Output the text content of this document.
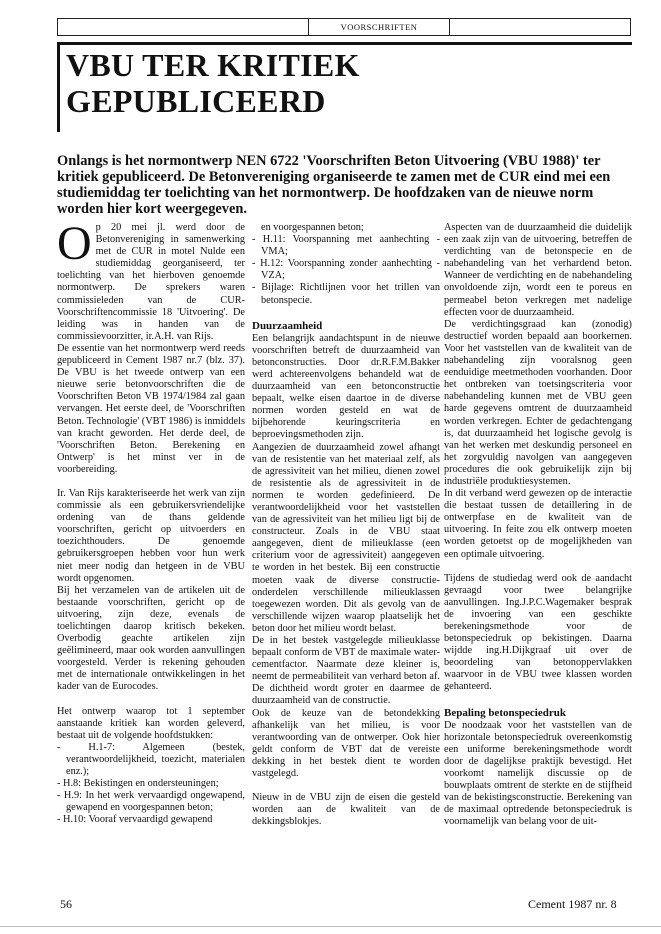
VOORSCHRIFTEN
VBU TER KRITIEK
GEPUBLICEERD
Onlangs is het normontwerp NEN 6722 'Voorschriften Beton Uitvoering (VBU 1988)' ter kritiek gepubliceerd. De Betonvereniging organiseerde te zamen met de CUR eind mei een studiemiddag ter toelichting van het normontwerp. De hoofdzaken van de nieuwe norm worden hier kort weergegeven.

Op 20 mei jl. werd door de Betonvereniging in samenwerking met de CUR in motel Nulde een studiemiddag georganiseerd, ter toelichting van het hierboven genoemde normontwerp. De sprekers waren commissieleden van de CUR-Voorschriftencommissie 18 'Uitvoering'. De leiding was in handen van de commissievoorzitter, ir.A.H. van Rijs.

De essentie van het normontwerp werd reeds gepubliceerd in Cement 1987 nr.7 (blz. 37). De VBU is het tweede ontwerp van een nieuwe serie betonvoorschriften die de Voorschriften Beton VB 1974/1984 zal gaan vervangen. Het eerste deel, de 'Voorschriften Beton. Technologie' (VBT 1986) is inmiddels van kracht geworden. Het derde deel, de 'Voorschriften Beton. Berekening en Ontwerp' is het minst ver in de voorbereiding.

Ir. Van Rijs karakteriseerde het werk van zijn commissie als een gebruikersvriendelijke ordening van de thans geldende voorschriften, gericht op uitvoerders en toezichthouders. De genoemde gebruikersgroepen hebben voor hun werk niet meer nodig dan hetgeen in de VBU wordt opgenomen.

Bij het verzamelen van de artikelen uit de bestaande voorschriften, gericht op de uitvoering, zijn deze, evenals de toelichtingen daarop kritisch bekeken. Overbodig geachte artikelen zijn geëlimineerd, maar ook worden aanvullingen voorgesteld. Verder is rekening gehouden met de internationale ontwikkelingen in het kader van de Eurocodes.

Het ontwerp waarop tot 1 september aanstaande kritiek kan worden geleverd, bestaat uit de volgende hoofdstukken:

- H.1-7: Algemeen (bestek, verantwoordelijkheid, toezicht, materialen enz.);
- H.8: Bekistingen en ondersteuningen;
- H.9: In het werk vervaardigd ongewapend, gewapend en voorgespannen beton;
- H.10: Vooraf vervaardigd gewapend

en voorgespannen beton;

- H.11: Voorspanning met aanhechting - VMA;
- H.12: Voorspanning zonder aanhechting - VZA;
- Bijlage: Richtlijnen voor het trillen van betonspecie.
Duurzaamheid

Een belangrijk aandachtspunt in de nieuwe voorschriften betreft de duurzaamheid van betonconstructies. Door dr.R.F.M.Bakker werd achtereenvolgens behandeld wat de duurzaamheid van een betonconstructie bepaalt, welke eisen daartoe in de diverse normen worden gesteld en wat de bijbehorende keuringscriteria en beproevingsmethoden zijn.

Aangezien de duurzaamheid zowel afhangt van de resistentie van het materiaal zelf, als de agressiviteit van het milieu, dienen zowel de resistentie als de agressiviteit in de normen te worden gedefinieerd. De verantwoordelijkheid voor het vaststellen van de agressiviteit van het milieu ligt bij de constructeur. Zoals in de VBU staat aangegeven, dient de milieuklasse (een criterium voor de agressiviteit) aangegeven te worden in het bestek. Bij een constructie moeten vaak de diverse constructie-onderdelen verschillende milieuklassen toegewezen worden. Dit als gevolg van de verschillende wijzen waarop plaatselijk het beton door het milieu wordt belast.

De in het bestek vastgelegde milieuklasse bepaalt conform de VBT de maximale water-cementfactor. Naarmate deze kleiner is, neemt de permeabiliteit van verhard beton af. De dichtheid wordt groter en daarmee de duurzaamheid van de constructie.

Ook de keuze van de betondekking afhankelijk van het milieu, is voor verantwoording van de ontwerper. Ook hier geldt conform de VBT dat de vereiste dekking in het bestek dient te worden vastgelegd.

Nieuw in de VBU zijn de eisen die gesteld worden aan de kwaliteit van de dekkingsblokjes.

Aspecten van de duurzaamheid die duidelijk een zaak zijn van de uitvoering, betreffen de verdichting van de betonspecie en de nabehandeling van het verhardend beton. Wanneer de verdichting en de nabehandeling onvoldoende zijn, wordt een te poreus en permeabel beton verkregen met nadelige effecten voor de duurzaamheid.

De verdichtingsgraad kan (zonodig) destructief worden bepaald aan boorkernen. Voor het vaststellen van de kwaliteit van de nabehandeling zijn vooralsnog geen eenduidige meetmethoden voorhanden. Door het ontbreken van toetsingscriteria voor nabehandeling kunnen met de VBU geen harde gegevens omtrent de duurzaamheid worden verkregen. Echter de gedachtengang is, dat duurzaamheid het logische gevolg is van het werken met deskundig personeel en het zorgvuldig navolgen van aangegeven procedures die ook gebruikelijk zijn bij industriële produktiesystemen.

In dit verband werd gewezen op de interactie die bestaat tussen de detaillering in de ontwerpfase en de kwaliteit van de uitvoering. In feite zou elk ontwerp moeten worden getoetst op de mogelijkheden van een optimale uitvoering.

Tijdens de studiedag werd ook de aandacht gevraagd voor twee belangrijke aanvullingen. Ing.J.P.C.Wagemaker besprak de invoering van een geschikte berekeningsmethode voor de betonspeciedruk op bekistingen. Daarna wijdde ing.H.Dijkgraaf uit over de beoordeling van betonoppervlakken waarvoor in de VBU twee klassen worden gehanteerd.

Bepaling betonspeciedruk

De noodzaak voor het vaststellen van de horizontale betonspeciedruk overeenkomstig een uniforme berekeningsmethode wordt door de dagelijkse praktijk bevestigd. Het voorkomt namelijk discussie op de bouwplaats omtrent de sterkte en de stijfheid van de bekistingsconstructie. Berekening van de maximaal optredende betonspeciedruk is voornamelijk van belang voor de uit-

56	Cement 1987 nr. 8
